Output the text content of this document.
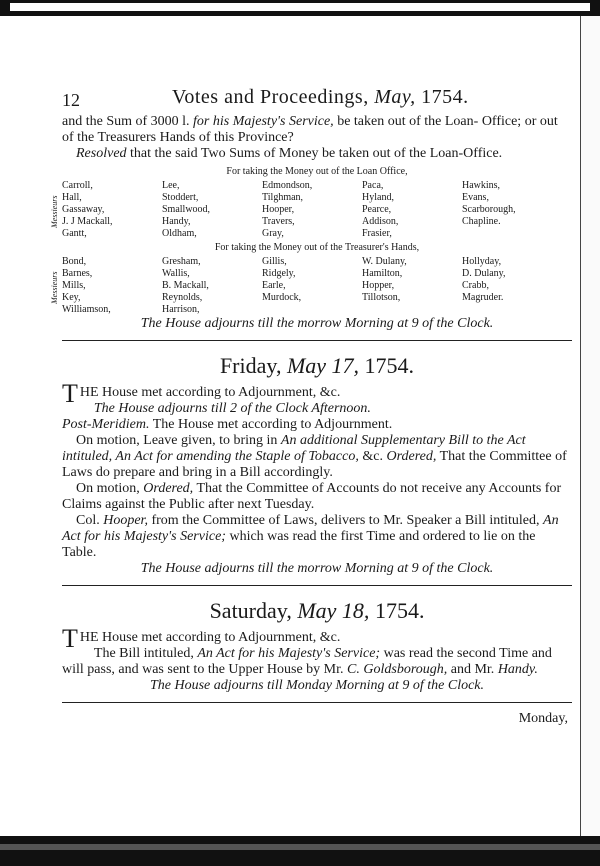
12	Votes and Proceedings, May, 1754.

and the Sum of 3000 l. for his Majesty's Service, be taken out of the Loan- Office; or out of the Treasurers Hands of this Province?

Resolved that the said Two Sums of Money be taken out of the Loan-Office.

For taking the Money out of the Loan Office,
Messieurs
Carroll,
Hall,
Gassaway,
J. J Mackall,
Gantt,
Lee,
Stoddert,
Smallwood,
Handy,
Oldham,
Edmondson,
Tilghman,
Hooper,
Travers,
Gray,
Paca,
Hyland,
Pearce,
Addison,
Frasier,
Hawkins,
Evans,
Scarborough,
Chapline.
For taking the Money out of the Treasurer's Hands,
Messieurs
Bond,
Barnes,
Mills,
Key,
Williamson,
Gresham,
Wallis,
B. Mackall,
Reynolds,
Harrison,
Gillis,
Ridgely,
Earle,
Murdock,
W. Dulany,
Hamilton,
Hopper,
Tillotson,
Hollyday,
D. Dulany,
Crabb,
Magruder.

The House adjourns till the morrow Morning at 9 of the Clock.

Friday, May 17, 1754.

THE House met according to Adjournment, &c.

The House adjourns till 2 of the Clock Afternoon.

Post-Meridiem. The House met according to Adjournment.

On motion, Leave given, to bring in An additional Supplementary Bill to the Act intituled, An Act for amending the Staple of Tobacco, &c. Ordered, That the Committee of Laws do prepare and bring in a Bill accordingly.

On motion, Ordered, That the Committee of Accounts do not receive any Accounts for Claims against the Public after next Tuesday.

Col. Hooper, from the Committee of Laws, delivers to Mr. Speaker a Bill intituled, An Act for his Majesty's Service; which was read the first Time and ordered to lie on the Table.

The House adjourns till the morrow Morning at 9 of the Clock.

Saturday, May 18, 1754.

THE House met according to Adjournment, &c.

The Bill intituled, An Act for his Majesty's Service; was read the second Time and will pass, and was sent to the Upper House by Mr. C. Goldsborough, and Mr. Handy.

The House adjourns till Monday Morning at 9 of the Clock.

Monday,
